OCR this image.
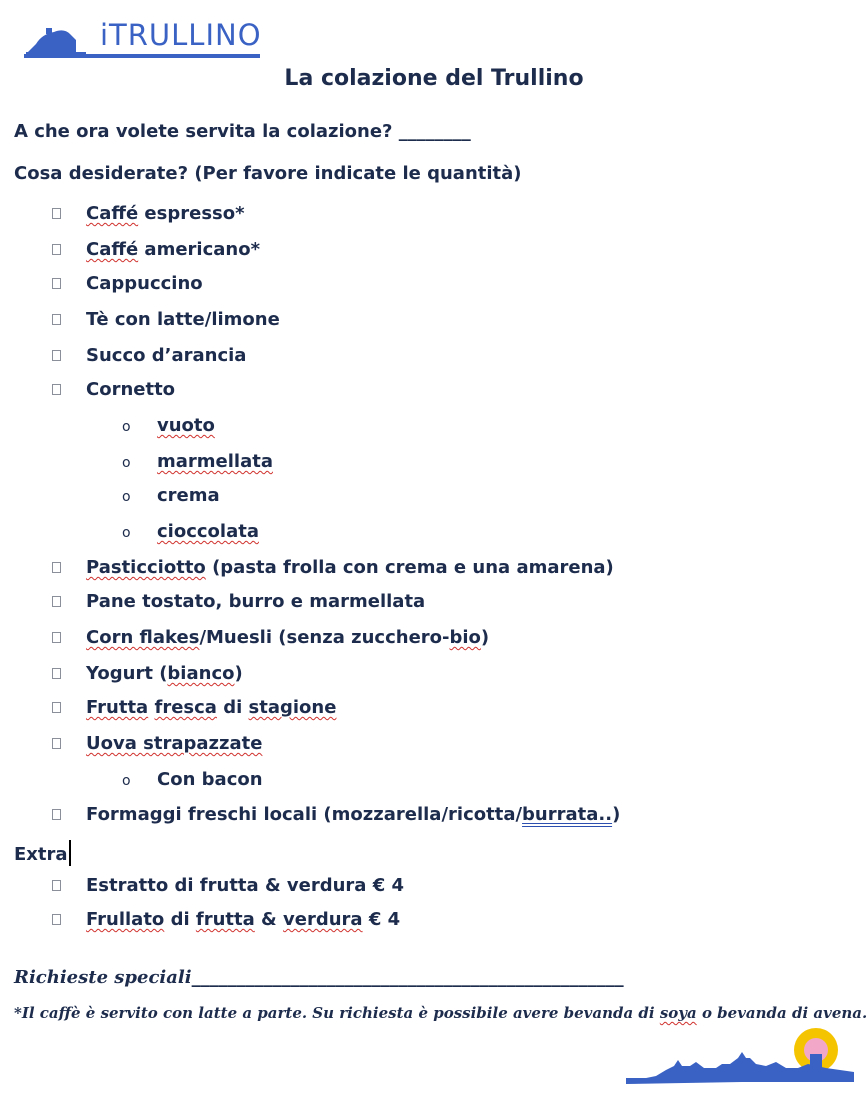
iTRULLINO
La colazione del Trullino
A che ora volete servita la colazione? ________
Cosa desiderate? (Per favore indicate le quantità)
Caffé espresso*
Caffé americano*
Cappuccino
Tè con latte/limone
Succo d’arancia
Cornetto
Pasticciotto (pasta frolla con crema e una amarena)
Pane tostato, burro e marmellata
Corn flakes/Muesli (senza zucchero-bio)
Yogurt (bianco)
Frutta fresca di stagione
Uova strapazzate
Formaggi freschi locali (mozzarella/ricotta/burrata..)
o vuoto
o marmellata
o crema
o cioccolata
o Con bacon
Extra
Estratto di frutta & verdura € 4
Frullato di frutta & verdura € 4
Richieste speciali________________________________________________
*Il caffè è servito con latte a parte. Su richiesta è possibile avere bevanda di soya o bevanda di avena.
